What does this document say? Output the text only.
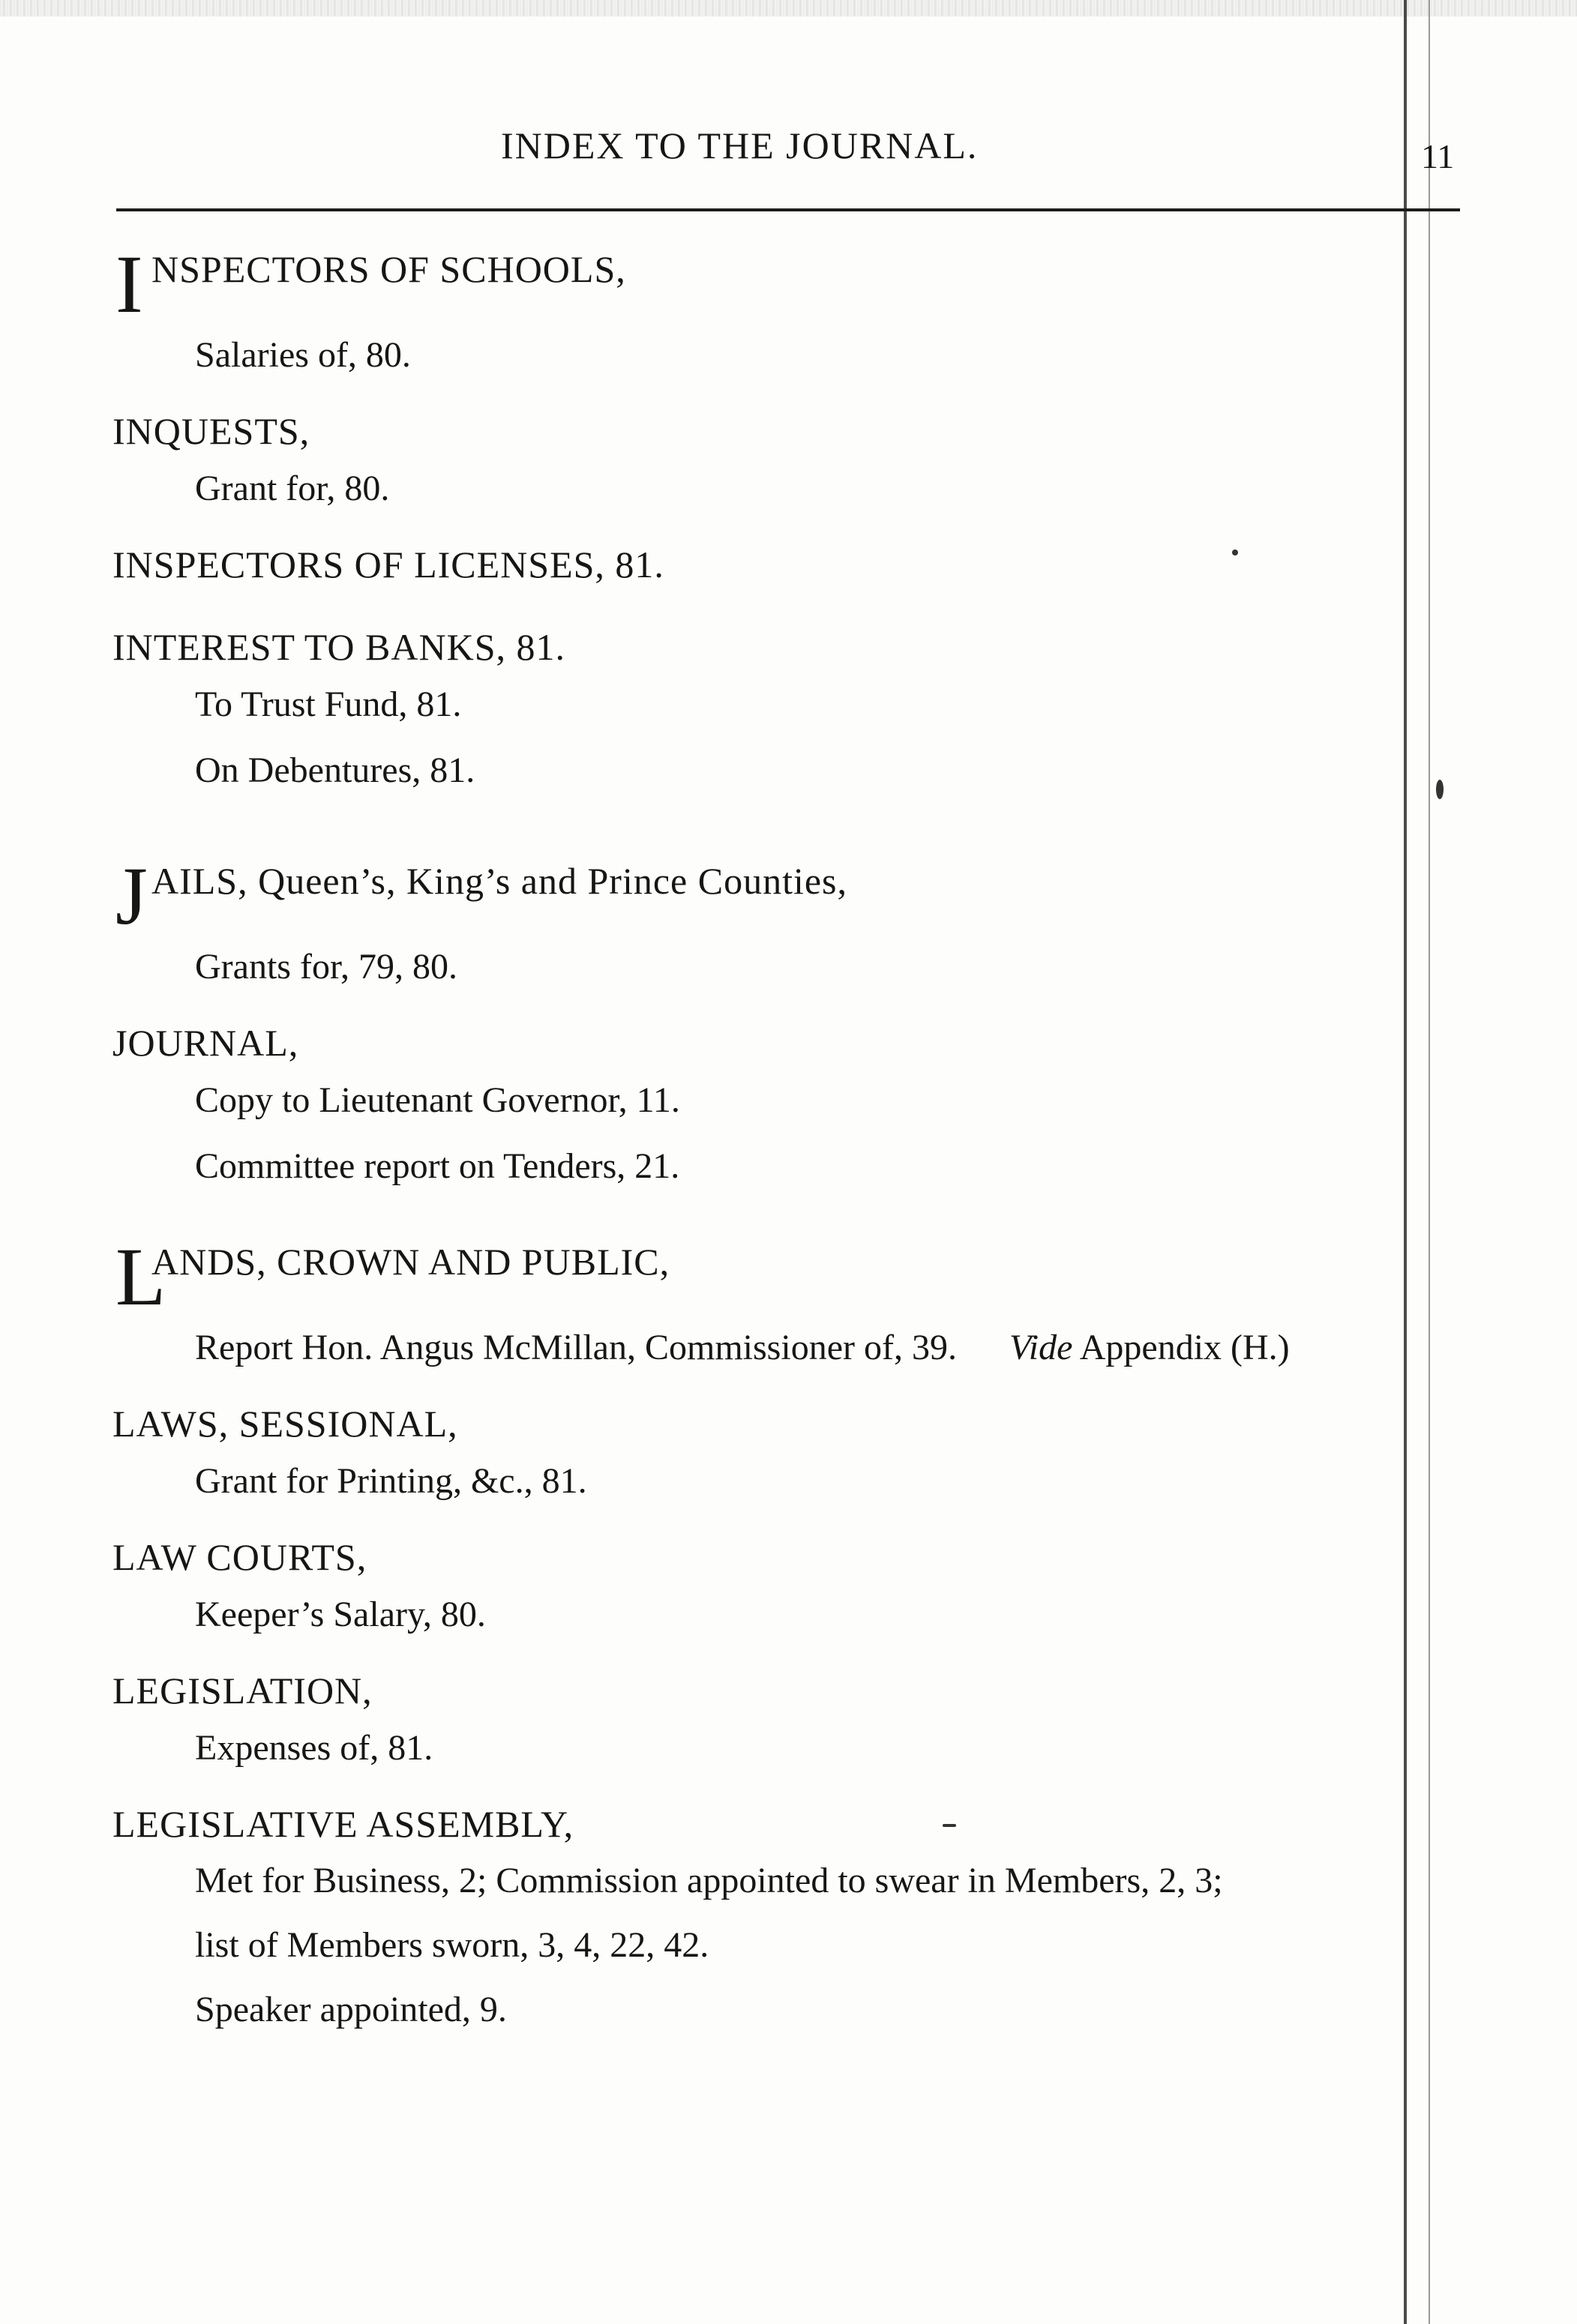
INDEX TO THE JOURNAL.	11
I NSPECTORS OF SCHOOLS,
Salaries of, 80.
INQUESTS,
Grant for, 80.
INSPECTORS OF LICENSES, 81.
INTEREST TO BANKS, 81.
To Trust Fund, 81.
On Debentures, 81.
J AILS, Queen’s, King’s and Prince Counties,
Grants for, 79, 80.
JOURNAL,
Copy to Lieutenant Governor, 11.
Committee report on Tenders, 21.
L
ANDS, CROWN AND PUBLIC,
Report Hon. Angus McMillan, Commissioner of, 39. Vide Appendix (H.)
LAWS, SESSIONAL,
Grant for Printing, &c., 81.
LAW COURTS,
Keeper’s Salary, 80.
LEGISLATION,
Expenses of, 81.
LEGISLATIVE ASSEMBLY,
Met for Business, 2; Commission appointed to swear in Members, 2, 3;
list of Members sworn, 3, 4, 22, 42.
Speaker appointed, 9.
